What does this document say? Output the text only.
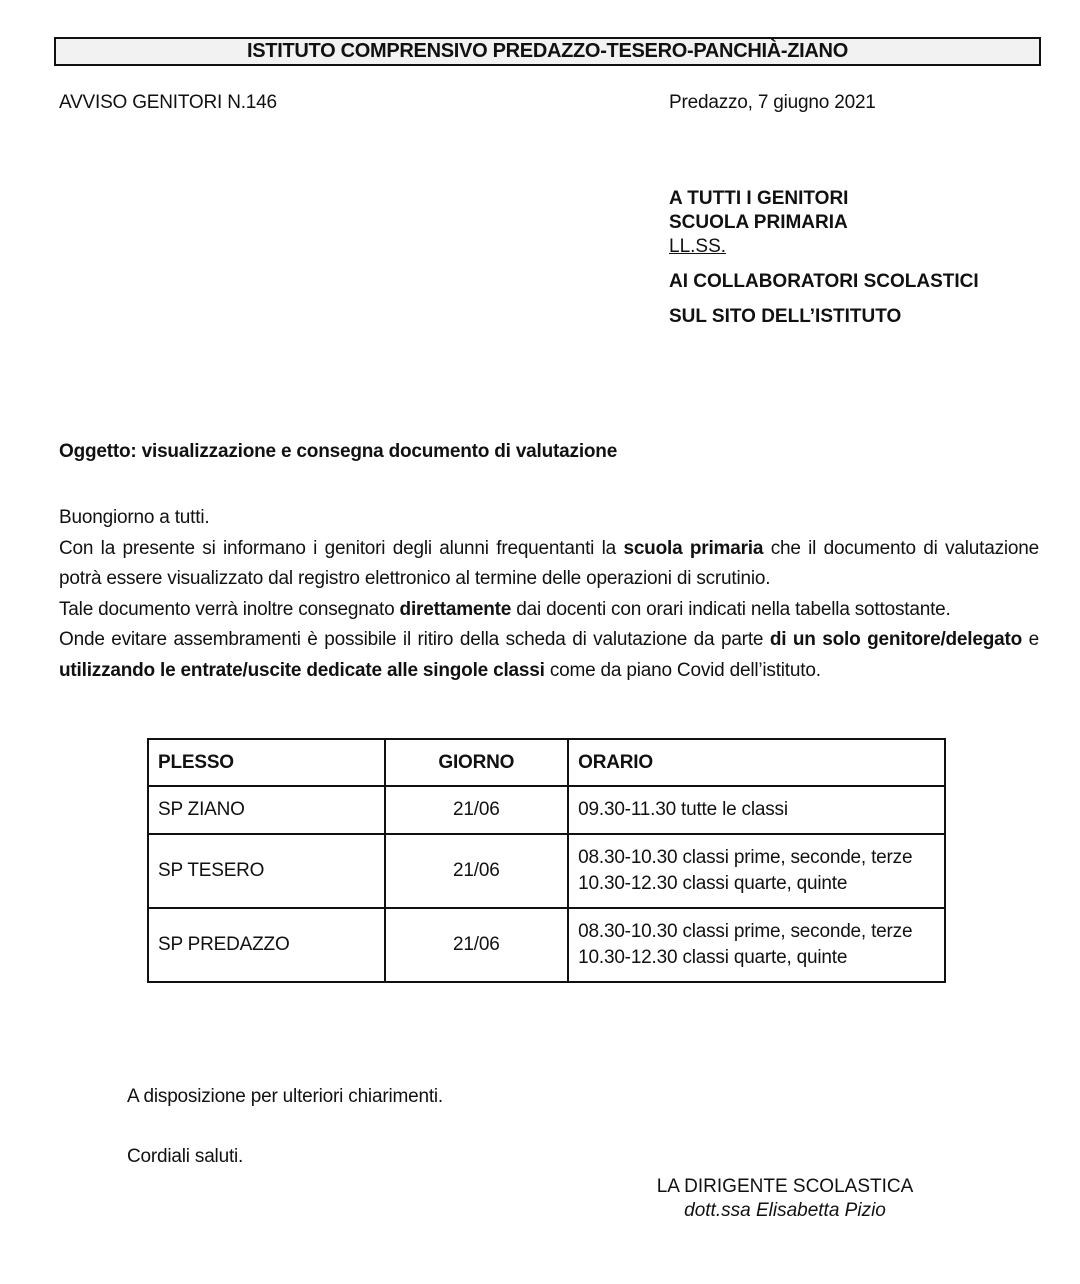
ISTITUTO COMPRENSIVO PREDAZZO-TESERO-PANCHIÀ-ZIANO
AVVISO GENITORI N.146	Predazzo, 7 giugno 2021
A TUTTI I GENITORI
SCUOLA PRIMARIA
LL.SS.
AI COLLABORATORI SCOLASTICI
SUL SITO DELL’ISTITUTO
Oggetto: visualizzazione e consegna documento di valutazione

Buongiorno a tutti.

Con la presente si informano i genitori degli alunni frequentanti la scuola primaria che il documento di valutazione potrà essere visualizzato dal registro elettronico al termine delle operazioni di scrutinio.

Tale documento verrà inoltre consegnato direttamente dai docenti con orari indicati nella tabella sottostante.

Onde evitare assembramenti è possibile il ritiro della scheda di valutazione da parte di un solo genitore/delegato e utilizzando le entrate/uscite dedicate alle singole classi come da piano Covid dell’istituto.

PLESSO	GIORNO	ORARIO
SP ZIANO	21/06	09.30-11.30 tutte le classi
SP TESERO	21/06	08.30-10.30 classi prime, seconde, terze
10.30-12.30 classi quarte, quinte
SP PREDAZZO	21/06	08.30-10.30 classi prime, seconde, terze
10.30-12.30 classi quarte, quinte
A disposizione per ulteriori chiarimenti.
Cordiali saluti.
LA DIRIGENTE SCOLASTICA
dott.ssa Elisabetta Pizio
